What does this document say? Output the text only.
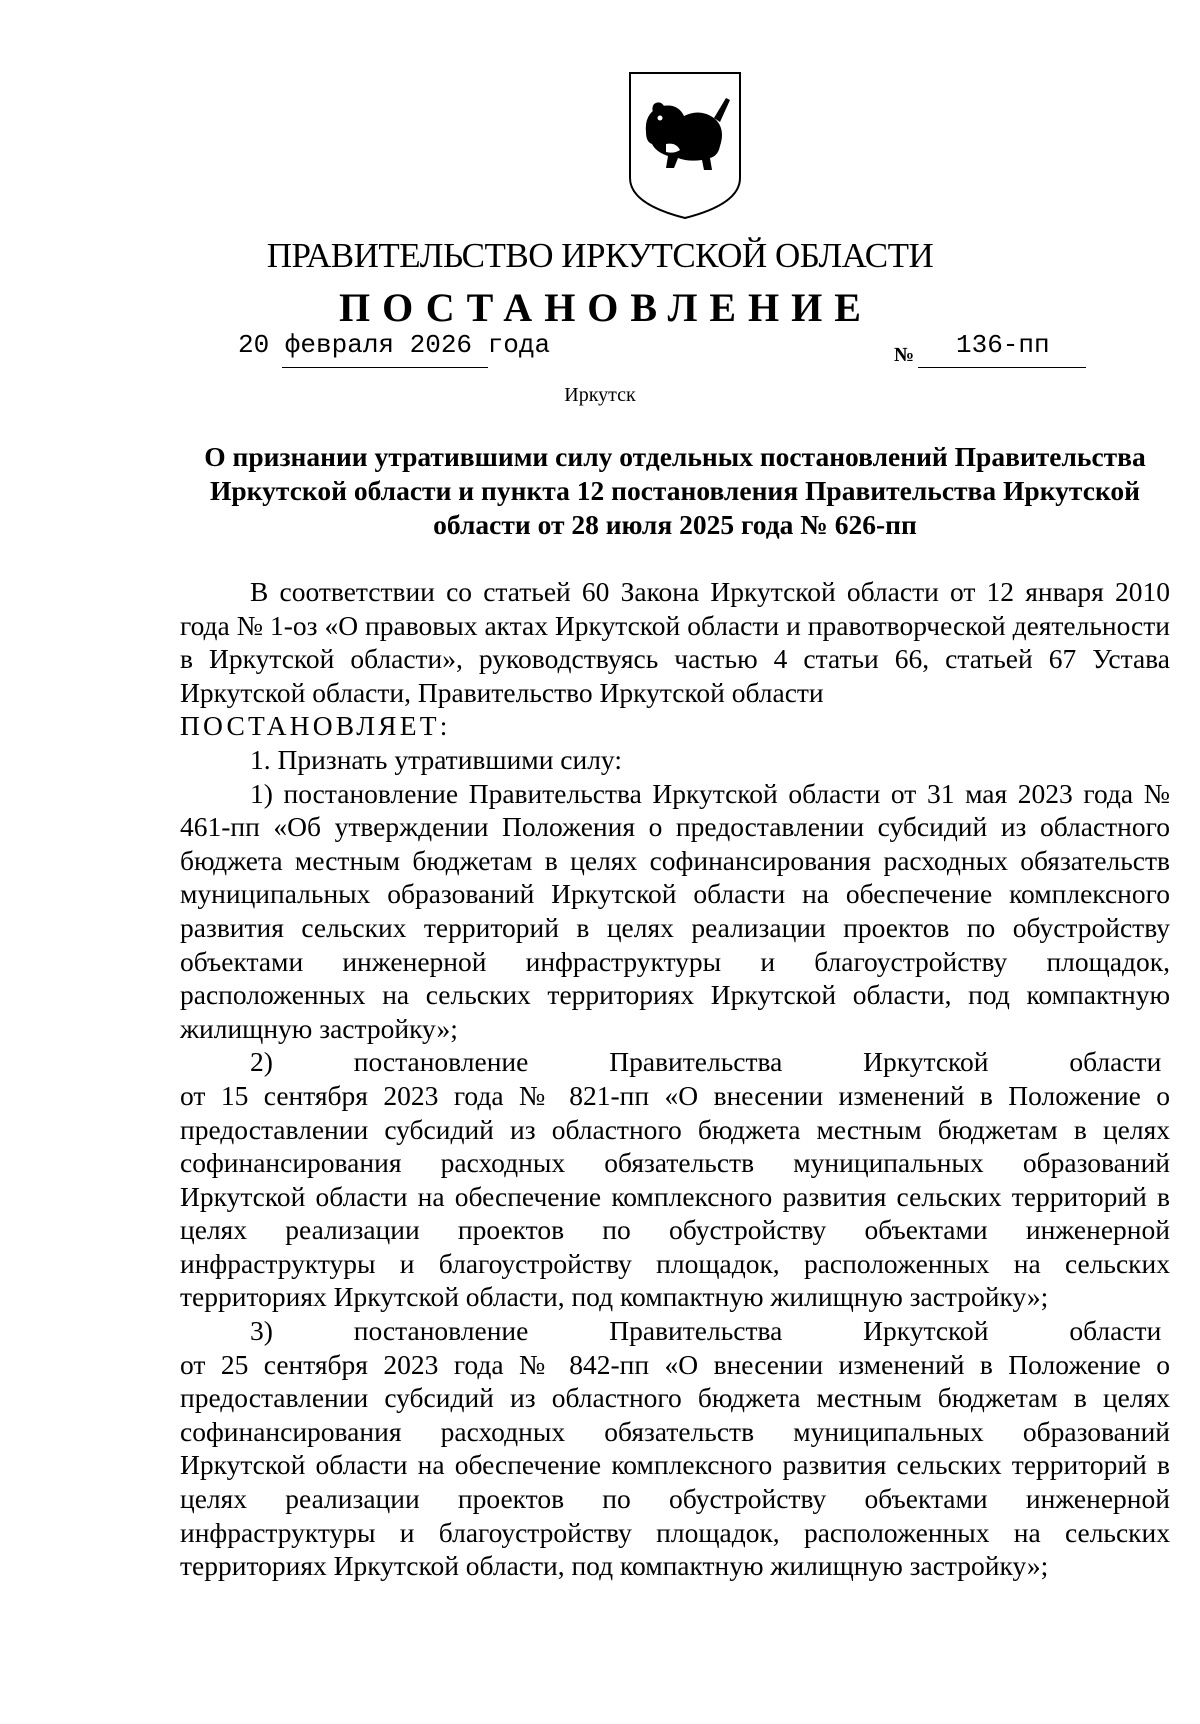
ПРАВИТЕЛЬСТВО ИРКУТСКОЙ ОБЛАСТИ
ПОСТАНОВЛЕНИЕ
20 февраля 2026 года	№ 136-пп
Иркутск
О признании утратившими силу отдельных постановлений Правительства
Иркутской области и пункта 12 постановления Правительства Иркутской
области от 28 июля 2025 года № 626-пп

В соответствии со статьей 60 Закона Иркутской области от 12 января 2010 года № 1-оз «О правовых актах Иркутской области и правотворческой деятельности в Иркутской области», руководствуясь частью 4 статьи 66, статьей 67 Устава Иркутской области, Правительство Иркутской области

ПОСТАНОВЛЯЕТ:

1. Признать утратившими силу:

1) постановление Правительства Иркутской области от 31 мая 2023 года № 461-пп «Об утверждении Положения о предоставлении субсидий из областного бюджета местным бюджетам в целях софинансирования расходных обязательств муниципальных образований Иркутской области на обеспечение комплексного развития сельских территорий в целях реализации проектов по обустройству объектами инженерной инфраструктуры и благоустройству площадок, расположенных на сельских территориях Иркутской области, под компактную жилищную застройку»;

2) постановление Правительства Иркутской области

от 15 сентября 2023 года № 821-пп «О внесении изменений в Положение о предоставлении субсидий из областного бюджета местным бюджетам в целях софинансирования расходных обязательств муниципальных образований Иркутской области на обеспечение комплексного развития сельских территорий в целях реализации проектов по обустройству объектами инженерной инфраструктуры и благоустройству площадок, расположенных на сельских территориях Иркутской области, под компактную жилищную застройку»;

3) постановление Правительства Иркутской области

от 25 сентября 2023 года № 842-пп «О внесении изменений в Положение о предоставлении субсидий из областного бюджета местным бюджетам в целях софинансирования расходных обязательств муниципальных образований Иркутской области на обеспечение комплексного развития сельских территорий в целях реализации проектов по обустройству объектами инженерной инфраструктуры и благоустройству площадок, расположенных на сельских территориях Иркутской области, под компактную жилищную застройку»;
